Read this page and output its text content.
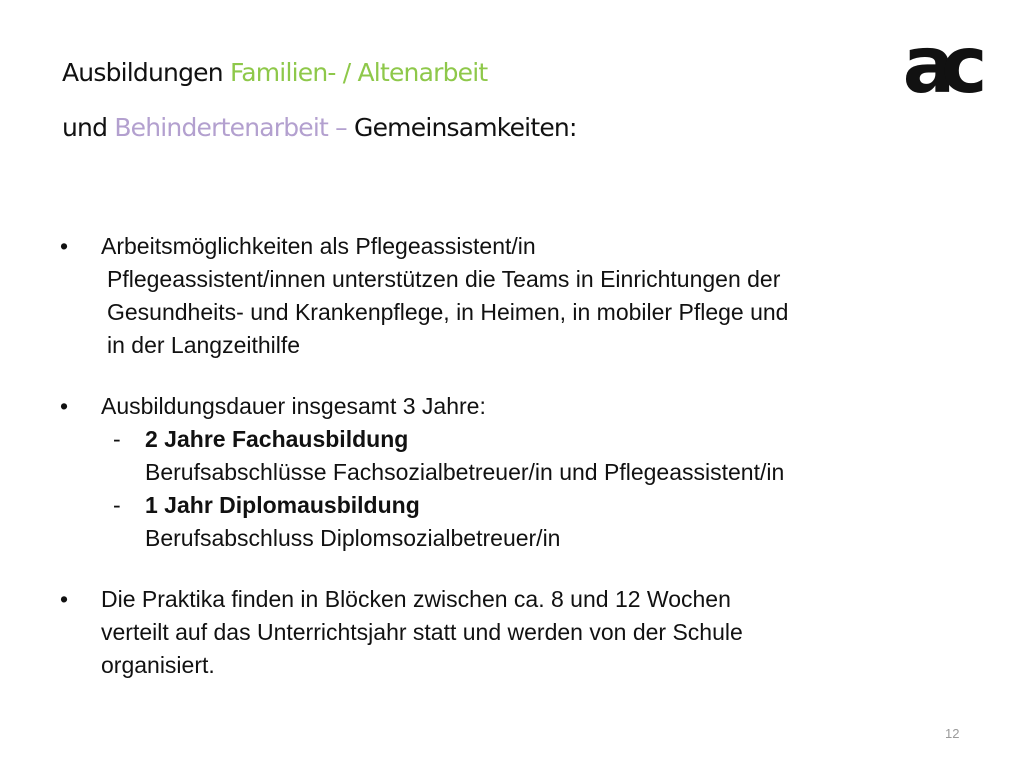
Ausbildungen Familien- / Altenarbeit
und Behindertenarbeit – Gemeinsamkeiten:
ac
• Arbeitsmöglichkeiten als Pflegeassistent/in
Pflegeassistent/innen unterstützen die Teams in Einrichtungen der
Gesundheits- und Krankenpflege, in Heimen, in mobiler Pflege und
in der Langzeithilfe
• Ausbildungsdauer insgesamt 3 Jahre:
- 2 Jahre Fachausbildung
Berufsabschlüsse Fachsozialbetreuer/in und Pflegeassistent/in
- 1 Jahr Diplomausbildung
Berufsabschluss Diplomsozialbetreuer/in
• Die Praktika finden in Blöcken zwischen ca. 8 und 12 Wochen
verteilt auf das Unterrichtsjahr statt und werden von der Schule
organisiert.
12
